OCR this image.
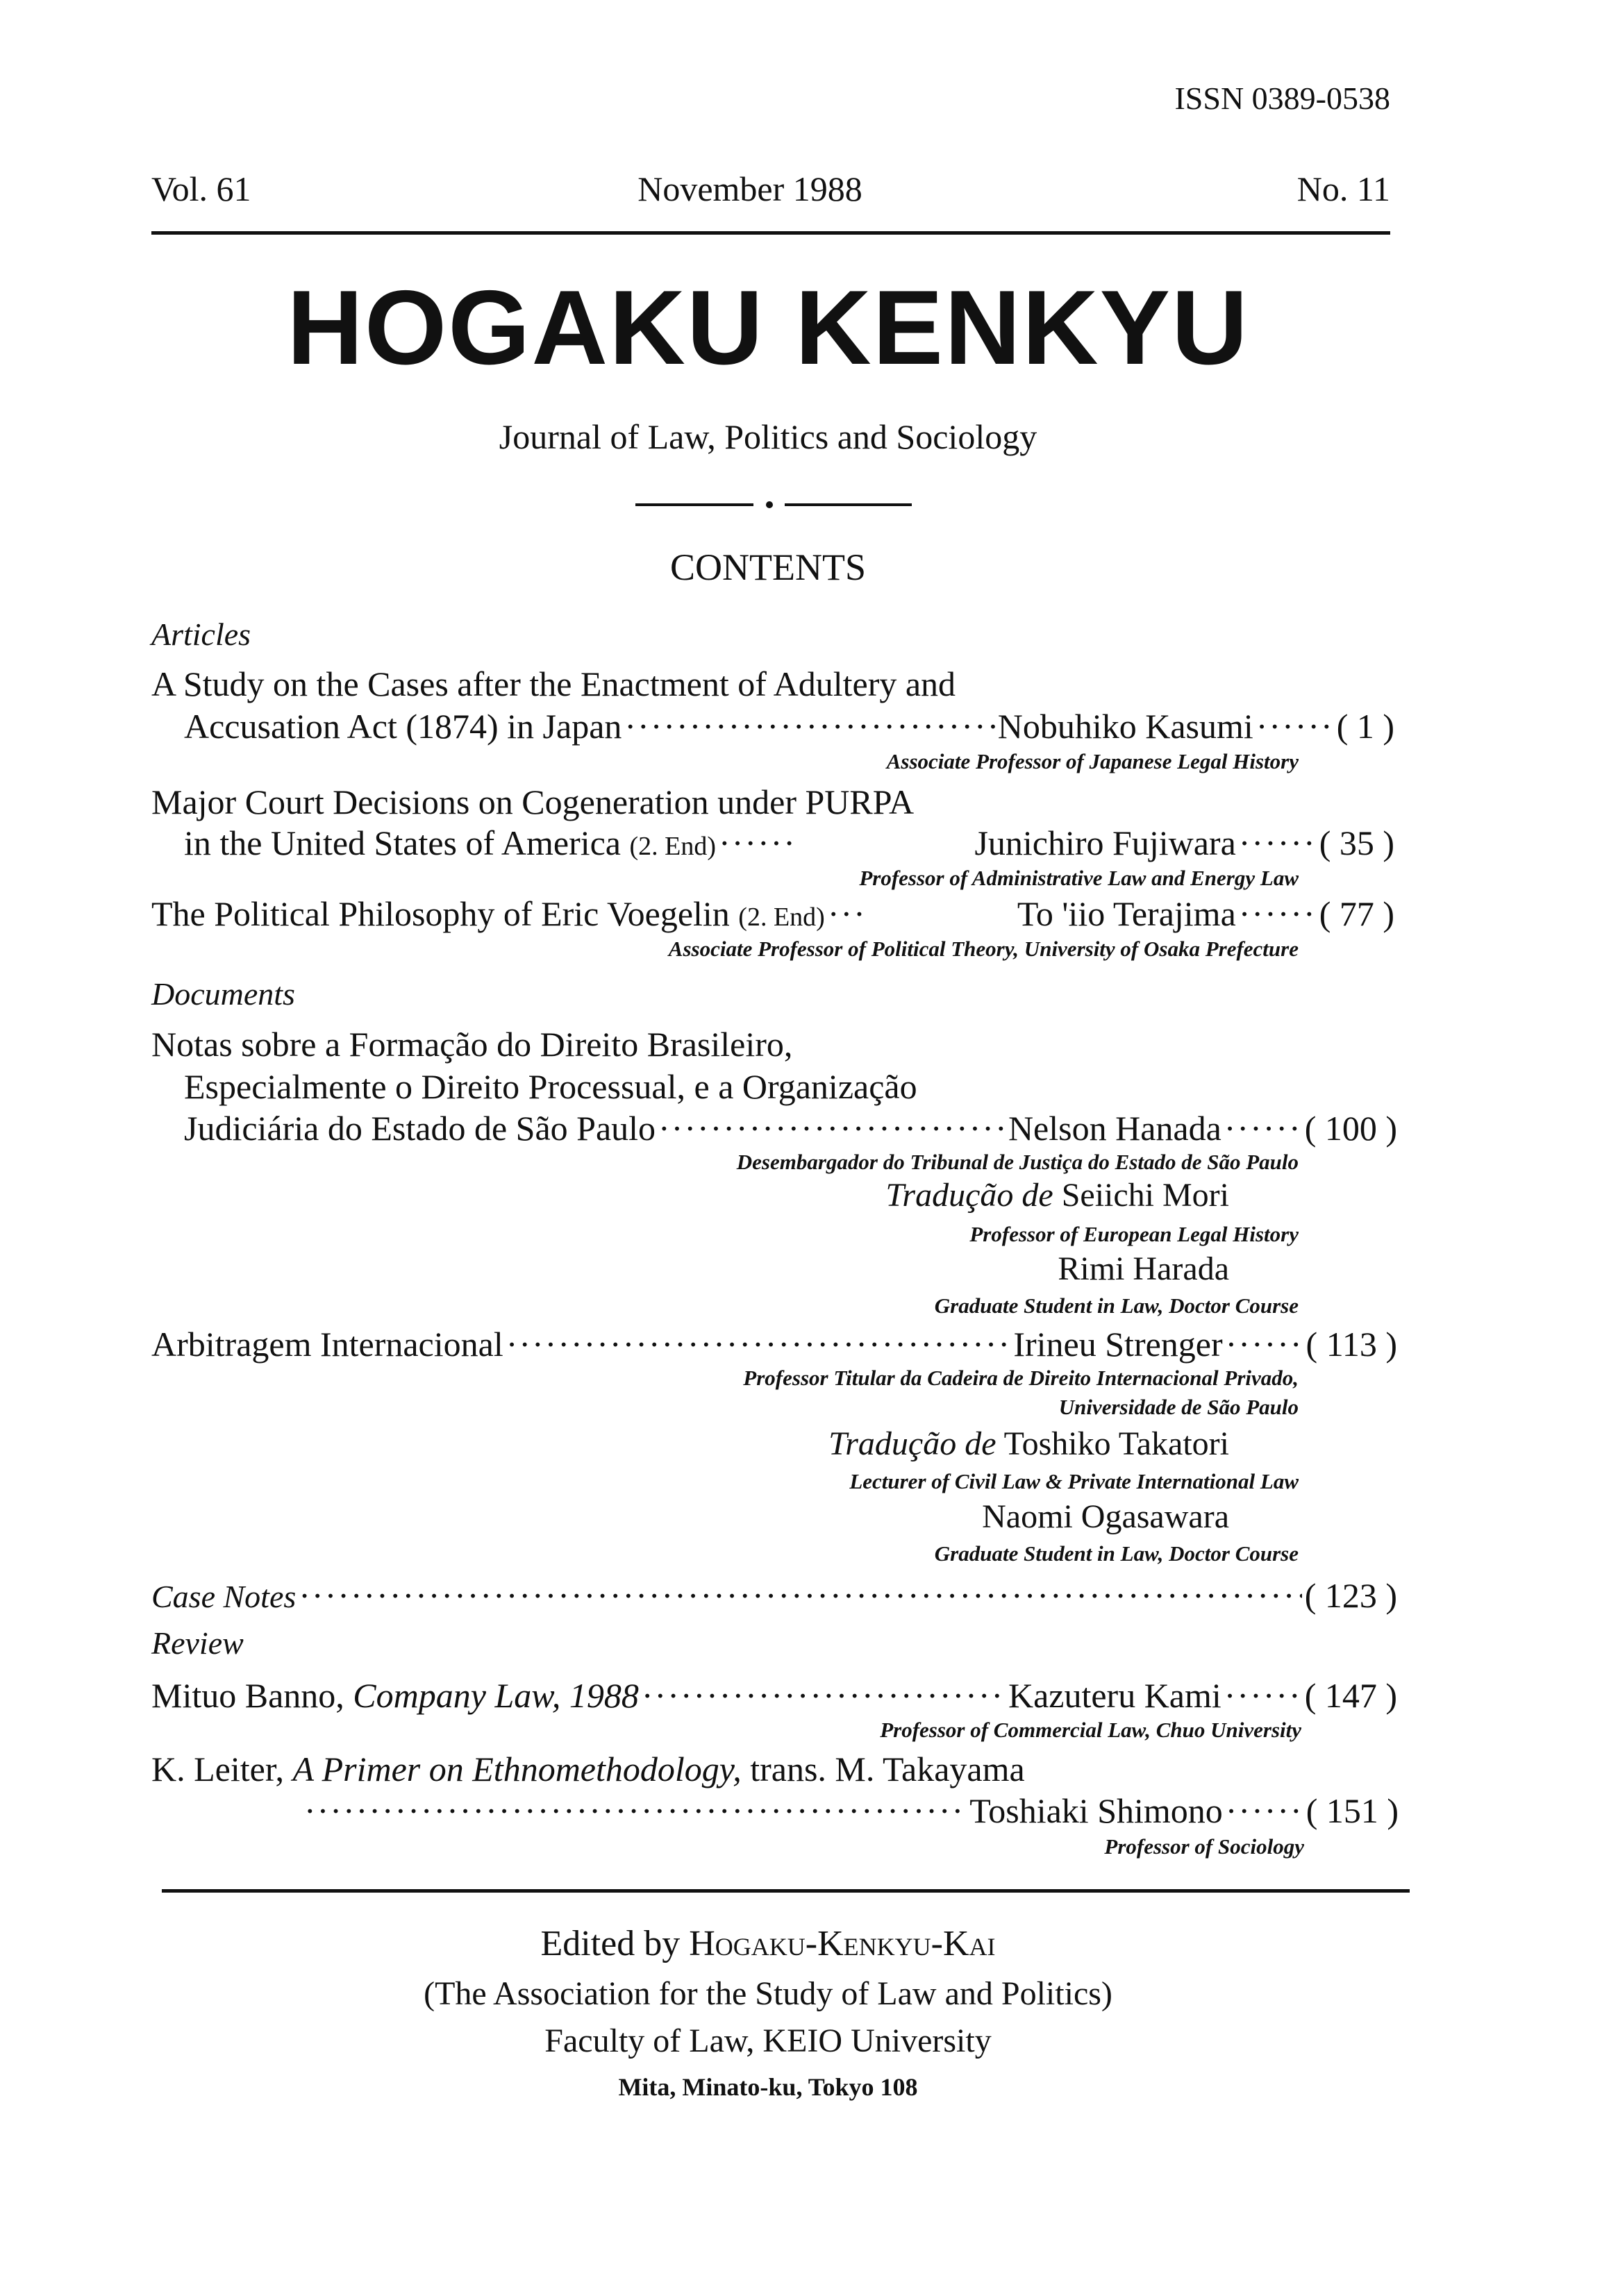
ISSN 0389-0538
Vol. 61	November 1988	No. 11
HOGAKU KENKYU
Journal of Law, Politics and Sociology
CONTENTS
Articles
A Study on the Cases after the Enactment of Adultery and
Accusation Act (1874) in Japan ·····	Nobuhiko Kasumi ······ ( 1 )
Associate Professor of Japanese Legal History
Major Court Decisions on Cogeneration under PURPA
in the United States of America
(2. End) ······	Junichiro Fujiwara ······ ( 35 )
Professor of Administrative Law and Energy Law
The Political Philosophy of Eric Voegelin
(2. End) ···	To 'iio Terajima ······ ( 77 )
Associate Professor of Political Theory, University of Osaka Prefecture
Documents
Notas sobre a Formação do Direito Brasileiro,
Especialmente o Direito Processual, e a Organização
Judiciária do Estado de São Paulo ·····	Nelson Hanada ······ ( 100 )
Desembargador do Tribunal de Justiça do Estado de São Paulo
Tradução de Seiichi Mori
Professor of European Legal History
Rimi Harada
Graduate Student in Law, Doctor Course
Arbitragem Internacional ·····	Irineu Strenger ······ ( 113 )
Professor Titular da Cadeira de Direito Internacional Privado,
Universidade de São Paulo
Tradução de Toshiko Takatori
Lecturer of Civil Law & Private International Law
Naomi Ogasawara
Graduate Student in Law, Doctor Course
Case Notes ·····	( 123 )
Review
Mituo Banno,
Company Law, 1988 ·····	Kazuteru Kami ······ ( 147 )
Professor of Commercial Law, Chuo University
K. Leiter,
A Primer on Ethnomethodology,
trans. M. Takayama
·····
Toshiaki Shimono ······ ( 151 )
Professor of Sociology
Edited by Hogaku-Kenkyu-Kai
(The Association for the Study of Law and Politics)
Faculty of Law, KEIO University
Mita, Minato-ku, Tokyo 108
